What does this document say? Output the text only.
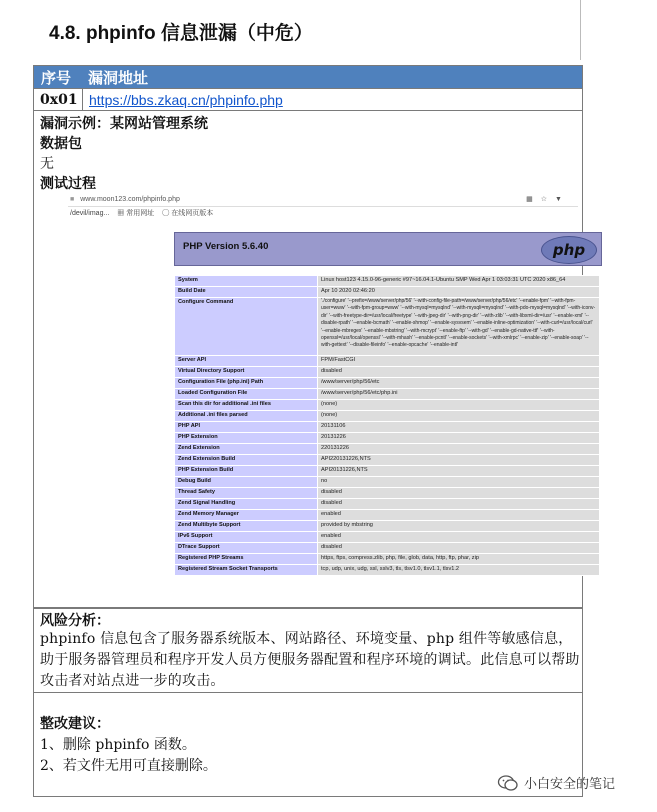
4.8. phpinfo 信息泄漏（中危）
序号 漏洞地址
0x01 https://bbs.zkaq.cn/phpinfo.php
漏洞示例：某网站管理系统
数据包
无
测试过程
■ www.moon123.com/phpinfo.php	▦☆▼
/devil/imag... ▦ 常用网址 ◯ 在线网页版本
PHP Version 5.6.40	php
System	Linux host123 4.15.0-96-generic #97~16.04.1-Ubuntu SMP Wed Apr 1 03:03:31 UTC 2020 x86_64
Build Date	Apr 10 2020 02:46:20
Configure Command	'./configure' '--prefix=/www/server/php/56' '--with-config-file-path=/www/server/php/56/etc' '--enable-fpm' '--with-fpm-user=www' '--with-fpm-group=www' '--with-mysql=mysqlnd' '--with-mysqli=mysqlnd' '--with-pdo-mysql=mysqlnd' '--with-iconv-dir' '--with-freetype-dir=/usr/local/freetype' '--with-jpeg-dir' '--with-png-dir' '--with-zlib' '--with-libxml-dir=/usr' '--enable-xml' '--disable-rpath' '--enable-bcmath' '--enable-shmop' '--enable-sysvsem' '--enable-inline-optimization' '--with-curl=/usr/local/curl' '--enable-mbregex' '--enable-mbstring' '--with-mcrypt' '--enable-ftp' '--with-gd' '--enable-gd-native-ttf' '--with-openssl=/usr/local/openssl' '--with-mhash' '--enable-pcntl' '--enable-sockets' '--with-xmlrpc' '--enable-zip' '--enable-soap' '--with-gettext' '--disable-fileinfo' '--enable-opcache' '--enable-intl'
Server API	FPM/FastCGI
Virtual Directory Support	disabled
Configuration File (php.ini) Path	/www/server/php/56/etc
Loaded Configuration File	/www/server/php/56/etc/php.ini
Scan this dir for additional .ini files	(none)
Additional .ini files parsed	(none)
PHP API	20131106
PHP Extension	20131226
Zend Extension	220131226
Zend Extension Build	API220131226,NTS
PHP Extension Build	API20131226,NTS
Debug Build	no
Thread Safety	disabled
Zend Signal Handling	disabled
Zend Memory Manager	enabled
Zend Multibyte Support	provided by mbstring
IPv6 Support	enabled
DTrace Support	disabled
Registered PHP Streams	https, ftps, compress.zlib, php, file, glob, data, http, ftp, phar, zip
Registered Stream Socket Transports	tcp, udp, unix, udg, ssl, sslv3, tls, tlsv1.0, tlsv1.1, tlsv1.2
风险分析：
phpinfo 信息包含了服务器系统版本、网站路径、环境变量、php 组件等敏感信息，助于服务器管理员和程序开发人员方便服务器配置和程序环境的调试。此信息可以帮助攻击者对站点进一步的攻击。
整改建议：
1、删除 phpinfo 函数。
2、若文件无用可直接删除。
小白安全的笔记
